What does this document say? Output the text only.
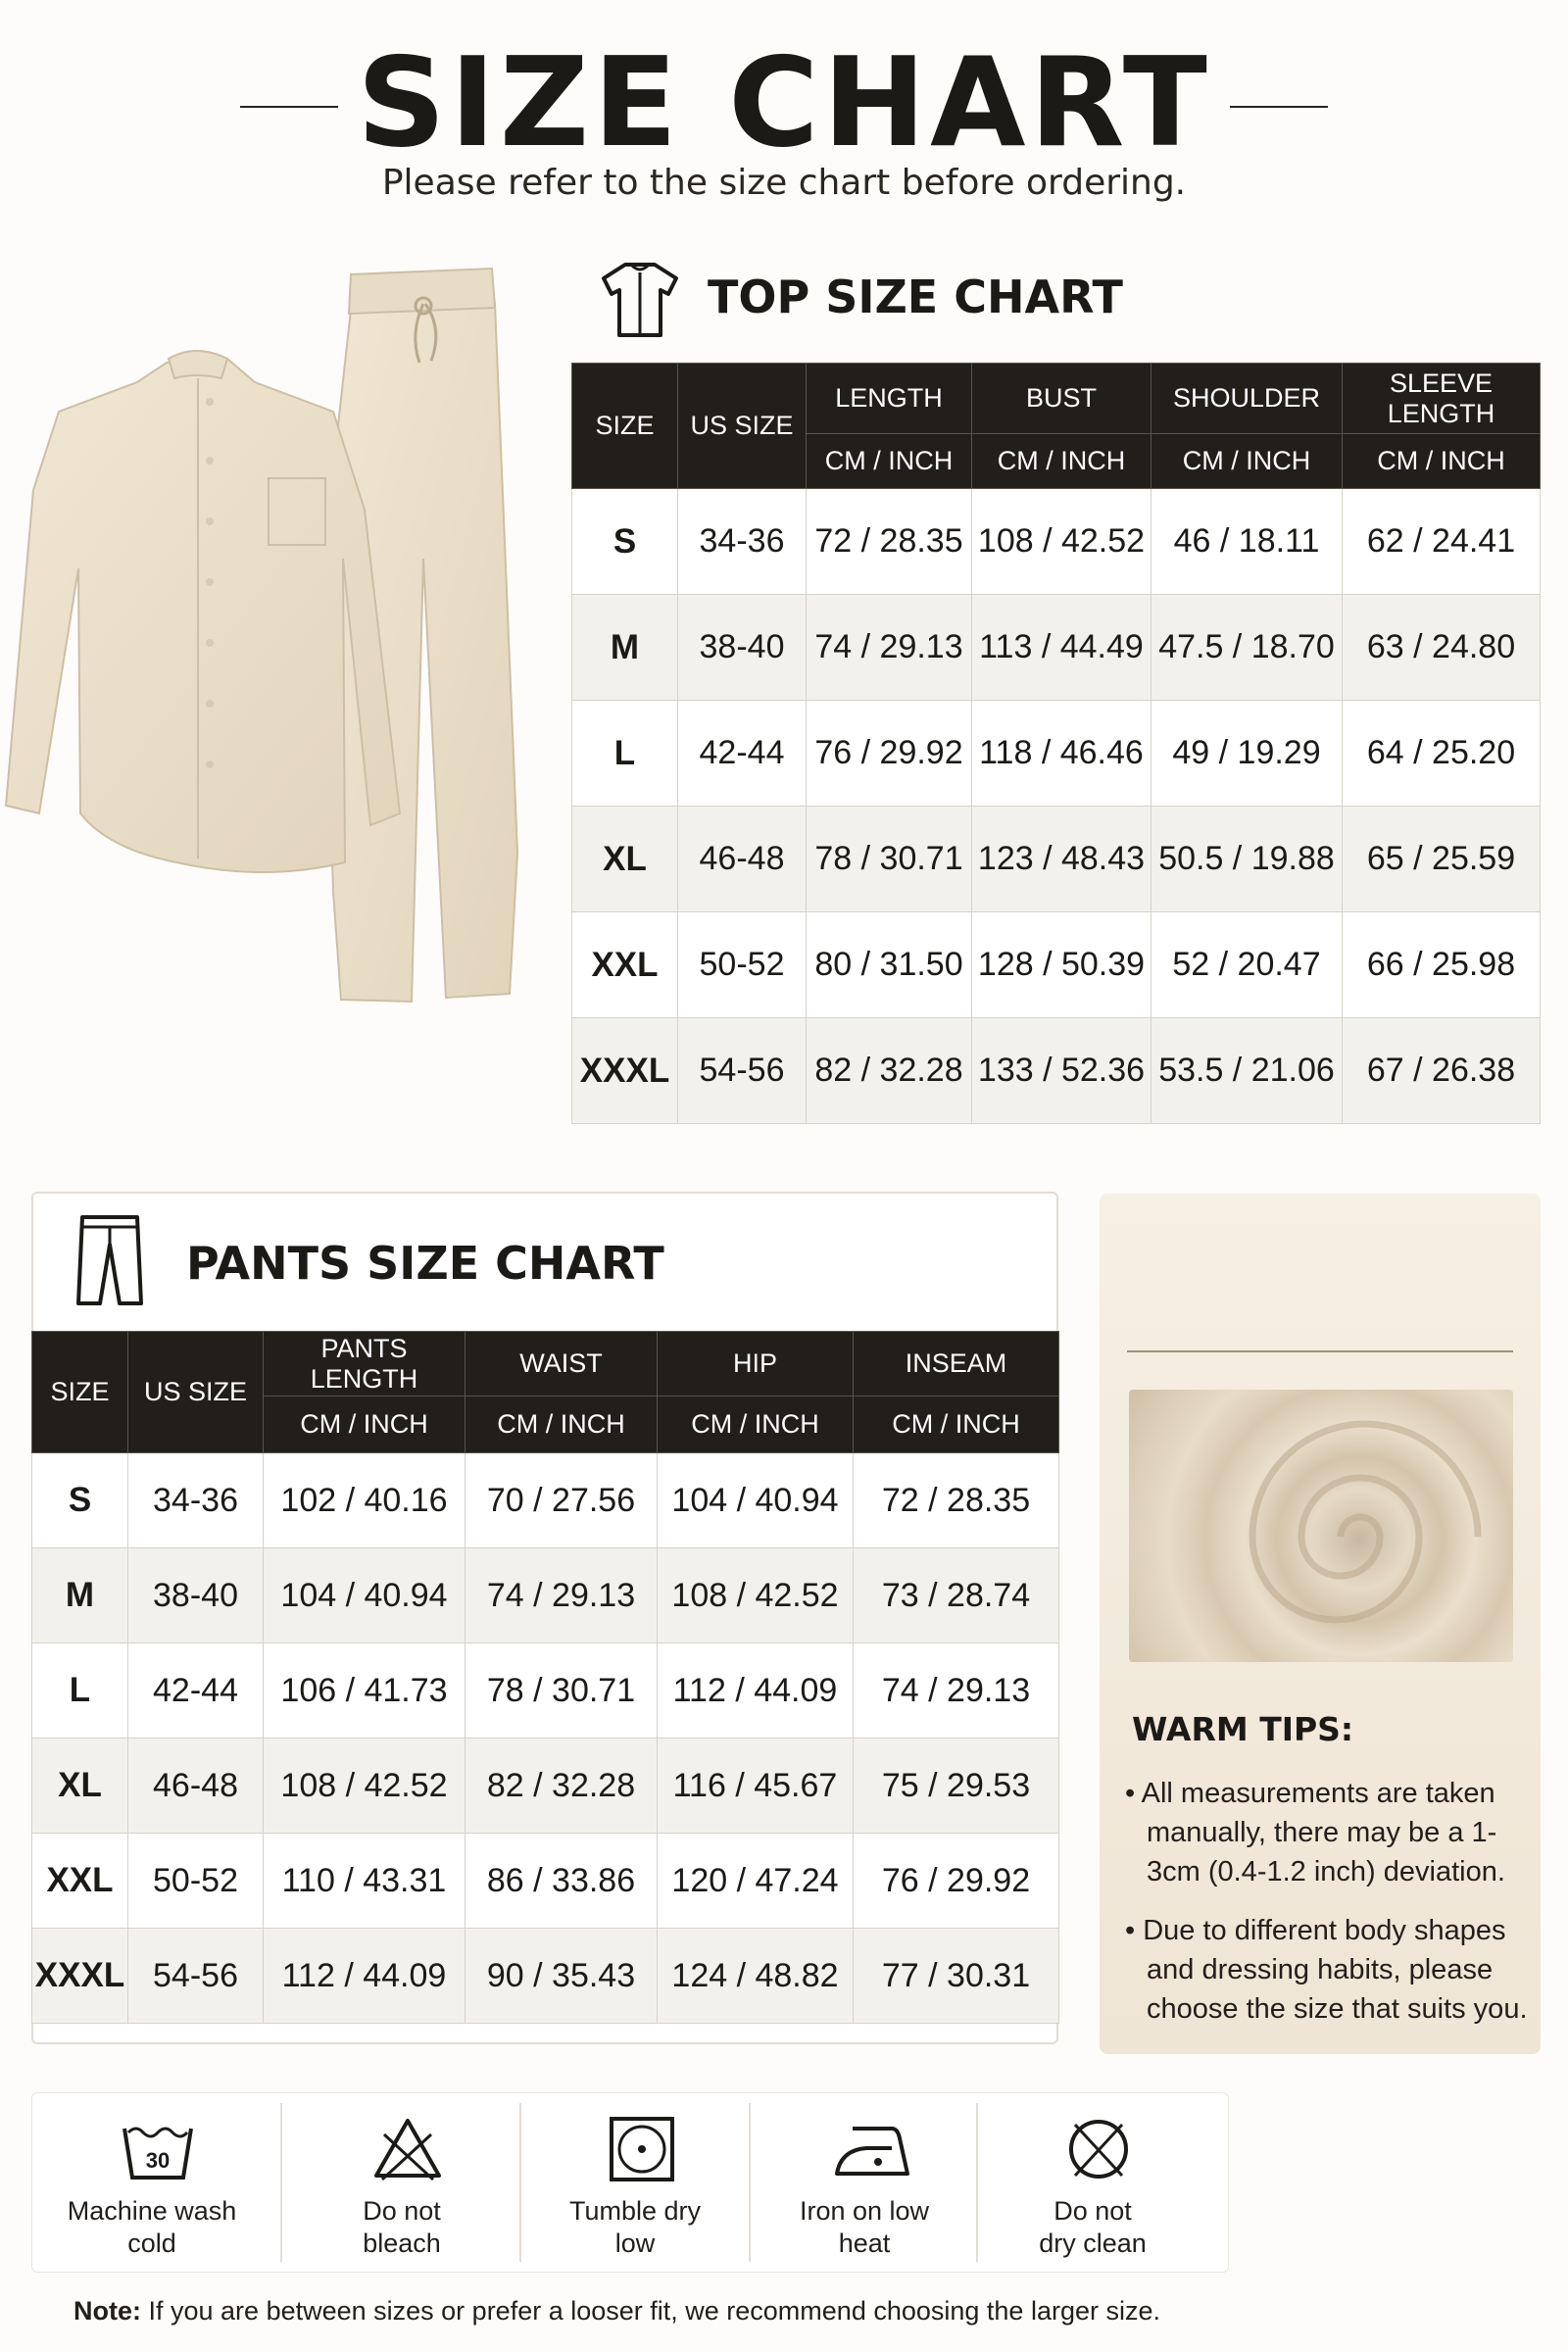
SIZE CHART
Please refer to the size chart before ordering.
TOP SIZE CHART
SIZE	US SIZE	LENGTH	BUST	SHOULDER	SLEEVE LENGTH
		CM / INCH	CM / INCH	CM / INCH	CM / INCH
S	34-36	72 / 28.35	108 / 42.52	46 / 18.11	62 / 24.41
M	38-40	74 / 29.13	113 / 44.49	47.5 / 18.70	63 / 24.80
L	42-44	76 / 29.92	118 / 46.46	49 / 19.29	64 / 25.20
XL	46-48	78 / 30.71	123 / 48.43	50.5 / 19.88	65 / 25.59
XXL	50-52	80 / 31.50	128 / 50.39	52 / 20.47	66 / 25.98
XXXL	54-56	82 / 32.28	133 / 52.36	53.5 / 21.06	67 / 26.38
PANTS SIZE CHART
SIZE	US SIZE	PANTS LENGTH	WAIST	HIP	INSEAM
		CM / INCH	CM / INCH	CM / INCH	CM / INCH
S	34-36	102 / 40.16	70 / 27.56	104 / 40.94	72 / 28.35
M	38-40	104 / 40.94	74 / 29.13	108 / 42.52	73 / 28.74
L	42-44	106 / 41.73	78 / 30.71	112 / 44.09	74 / 29.13
XL	46-48	108 / 42.52	82 / 32.28	116 / 45.67	75 / 29.53
XXL	50-52	110 / 43.31	86 / 33.86	120 / 47.24	76 / 29.92
XXXL	54-56	112 / 44.09	90 / 35.43	124 / 48.82	77 / 30.31
WARM TIPS:
• All measurements are taken manually, there may be a 1-3cm (0.4-1.2 inch) deviation.
• Due to different body shapes and dressing habits, please choose the size that suits you.
30
Machine wash
cold
Do not
bleach
Tumble dry
low
Iron on low
heat
Do not
dry clean
Note: If you are between sizes or prefer a looser fit, we recommend choosing the larger size.
